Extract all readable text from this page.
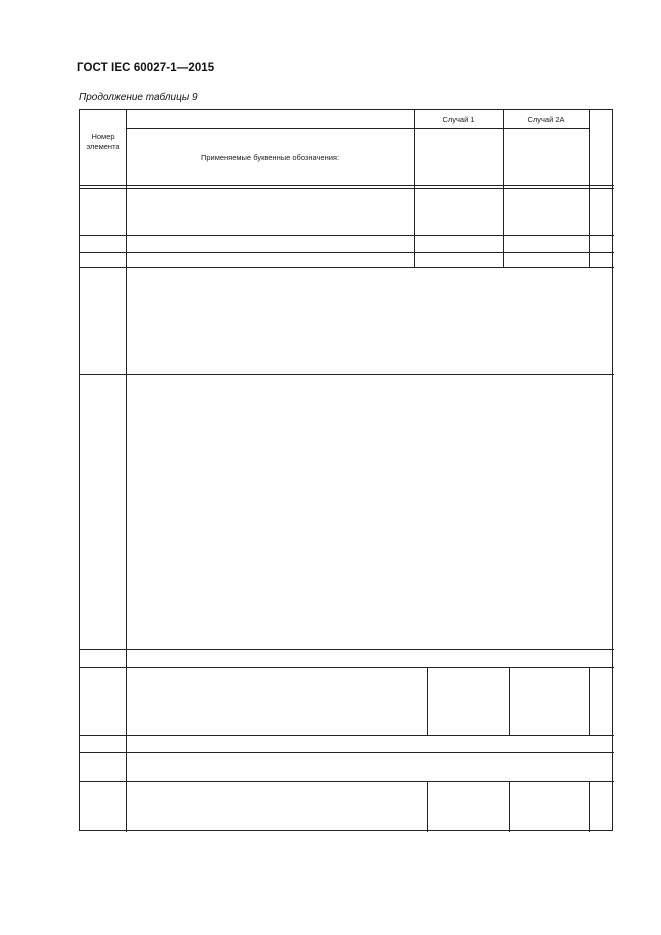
ГОСТ IEC 60027-1—2015
Продолжение таблицы 9
Номер элемента
Применяемые буквенные обозначения:
Случай 1	Случай 2А
